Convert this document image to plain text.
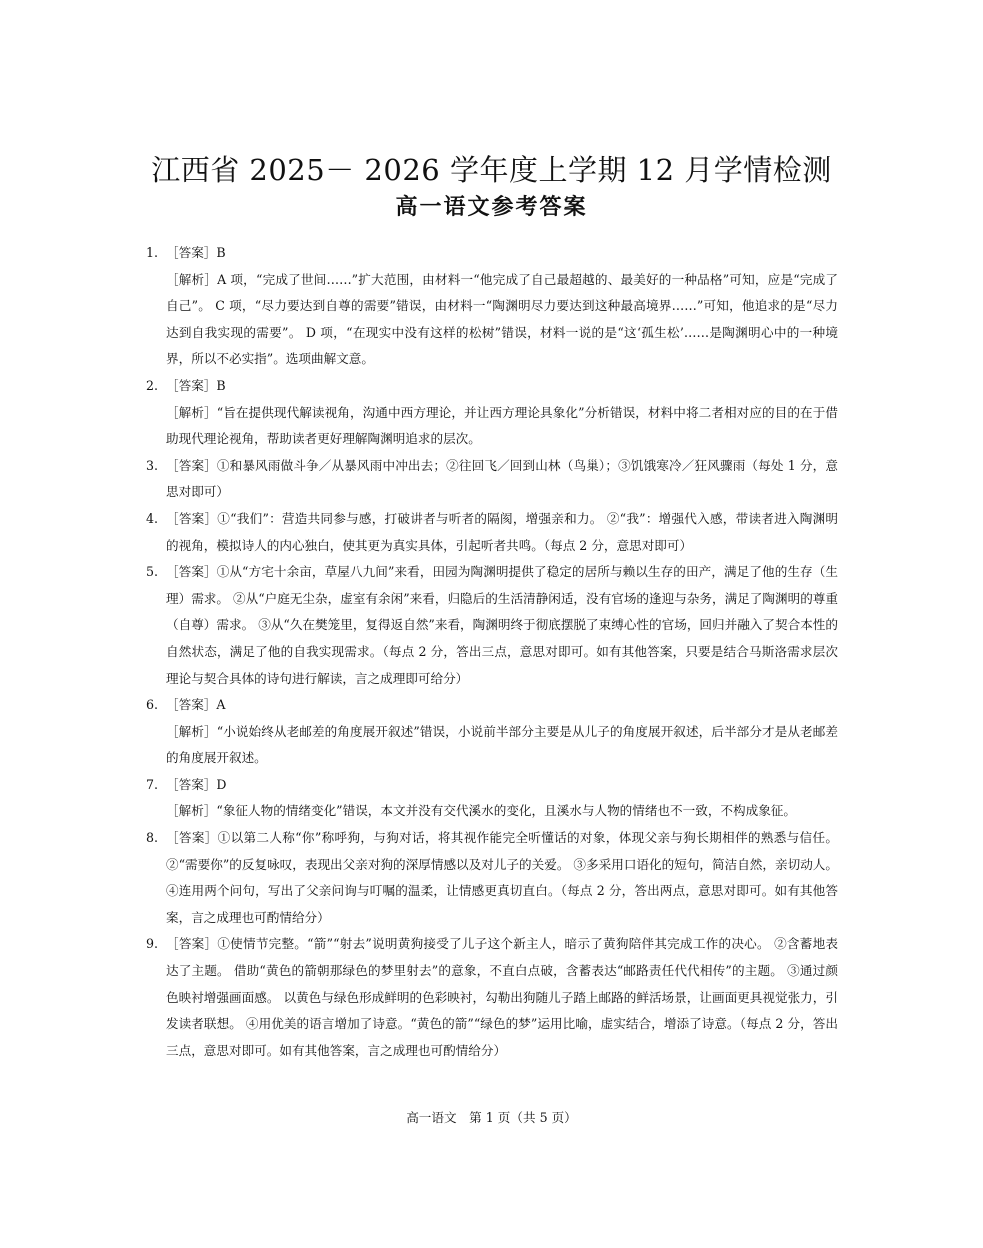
江西省 2025－ 2026 学年度上学期 12 月学情检测
高一语文参考答案
1. ［答案］B
［解析］A 项，“完成了世间……”扩大范围，由材料一“他完成了自己最超越的、最美好的一种品格”可知，应是“完成了自己”。 C 项，“尽力要达到自尊的需要”错误，由材料一“陶渊明尽力要达到这种最高境界……”可知，他追求的是“尽力达到自我实现的需要”。 D 项，“在现实中没有这样的松树”错误，材料一说的是“这‘孤生松’……是陶渊明心中的一种境界，所以不必实指”。选项曲解文意。
2. ［答案］B
［解析］“旨在提供现代解读视角，沟通中西方理论，并让西方理论具象化”分析错误，材料中将二者相对应的目的在于借助现代理论视角，帮助读者更好理解陶渊明追求的层次。
3. ［答案］①和暴风雨做斗争／从暴风雨中冲出去；②往回飞／回到山林（鸟巢）；③饥饿寒冷／狂风骤雨（每处 1 分，意思对即可）
4. ［答案］①“我们”：营造共同参与感，打破讲者与听者的隔阂，增强亲和力。 ②“我”：增强代入感，带读者进入陶渊明的视角，模拟诗人的内心独白，使其更为真实具体，引起听者共鸣。（每点 2 分，意思对即可）
5. ［答案］①从“方宅十余亩，草屋八九间”来看，田园为陶渊明提供了稳定的居所与赖以生存的田产，满足了他的生存（生理）需求。 ②从“户庭无尘杂，虚室有余闲”来看，归隐后的生活清静闲适，没有官场的逢迎与杂务，满足了陶渊明的尊重（自尊）需求。 ③从“久在樊笼里，复得返自然”来看，陶渊明终于彻底摆脱了束缚心性的官场，回归并融入了契合本性的自然状态，满足了他的自我实现需求。（每点 2 分，答出三点，意思对即可。如有其他答案，只要是结合马斯洛需求层次理论与契合具体的诗句进行解读，言之成理即可给分）
6. ［答案］A
［解析］“小说始终从老邮差的角度展开叙述”错误，小说前半部分主要是从儿子的角度展开叙述，后半部分才是从老邮差的角度展开叙述。
7. ［答案］D
［解析］“象征人物的情绪变化”错误，本文并没有交代溪水的变化，且溪水与人物的情绪也不一致，不构成象征。
8. ［答案］①以第二人称“你”称呼狗，与狗对话，将其视作能完全听懂话的对象，体现父亲与狗长期相伴的熟悉与信任。 ②“需要你”的反复咏叹，表现出父亲对狗的深厚情感以及对儿子的关爱。 ③多采用口语化的短句，简洁自然，亲切动人。 ④连用两个问句，写出了父亲问询与叮嘱的温柔，让情感更真切直白。（每点 2 分，答出两点，意思对即可。如有其他答案，言之成理也可酌情给分）
9. ［答案］①使情节完整。“箭”“射去”说明黄狗接受了儿子这个新主人，暗示了黄狗陪伴其完成工作的决心。 ②含蓄地表达了主题。 借助“黄色的箭朝那绿色的梦里射去”的意象，不直白点破，含蓄表达“邮路责任代代相传”的主题。 ③通过颜色映衬增强画面感。 以黄色与绿色形成鲜明的色彩映衬，勾勒出狗随儿子踏上邮路的鲜活场景，让画面更具视觉张力，引发读者联想。 ④用优美的语言增加了诗意。“黄色的箭”“绿色的梦”运用比喻，虚实结合，增添了诗意。（每点 2 分，答出三点，意思对即可。如有其他答案，言之成理也可酌情给分）
高一语文　第 1 页（共 5 页）
